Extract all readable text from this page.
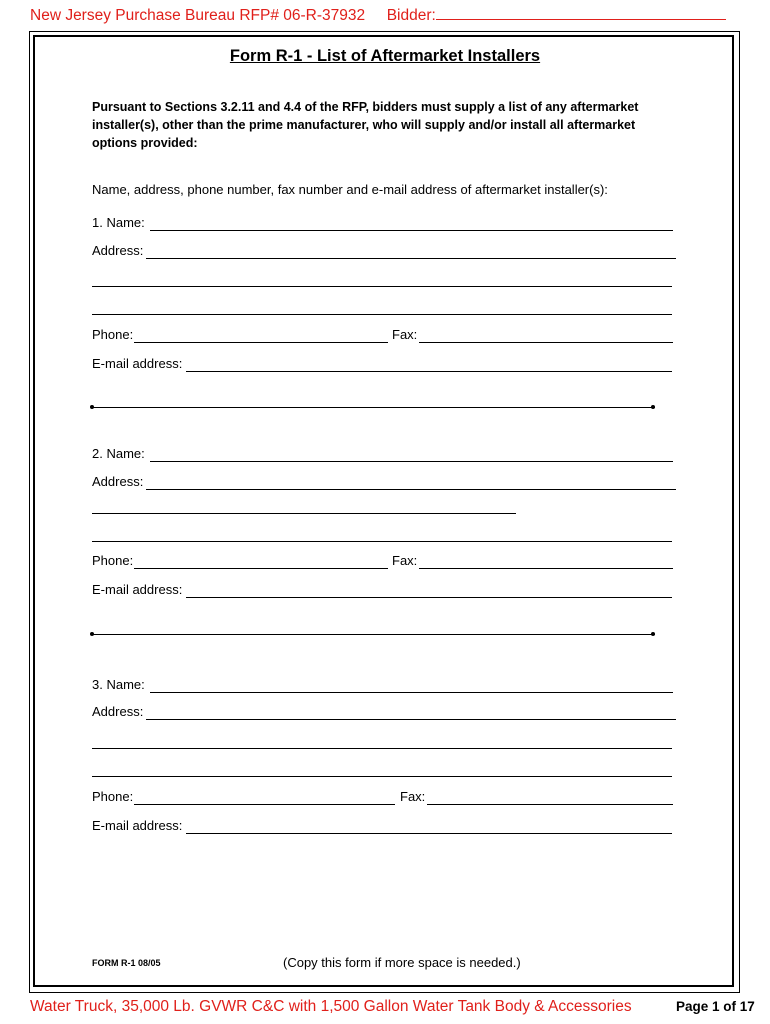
New Jersey Purchase Bureau RFP# 06-R-37932 Bidder:
Form R-1 - List of Aftermarket Installers
Pursuant to Sections 3.2.11 and 4.4 of the RFP, bidders must supply a list of any aftermarket installer(s), other than the prime manufacturer, who will supply and/or install all aftermarket options provided:
Name, address, phone number, fax number and e-mail address of aftermarket installer(s):
1. Name:
Address:
Phone:	Fax:
E-mail address:
2. Name:
Address:
Phone:	Fax:
E-mail address:
3. Name:
Address:
Phone:	Fax:
E-mail address:
FORM R-1 08/05	(Copy this form if more space is needed.)
Water Truck, 35,000 Lb. GVWR C&C with 1,500 Gallon Water Tank Body & Accessories	Page 1 of 17
